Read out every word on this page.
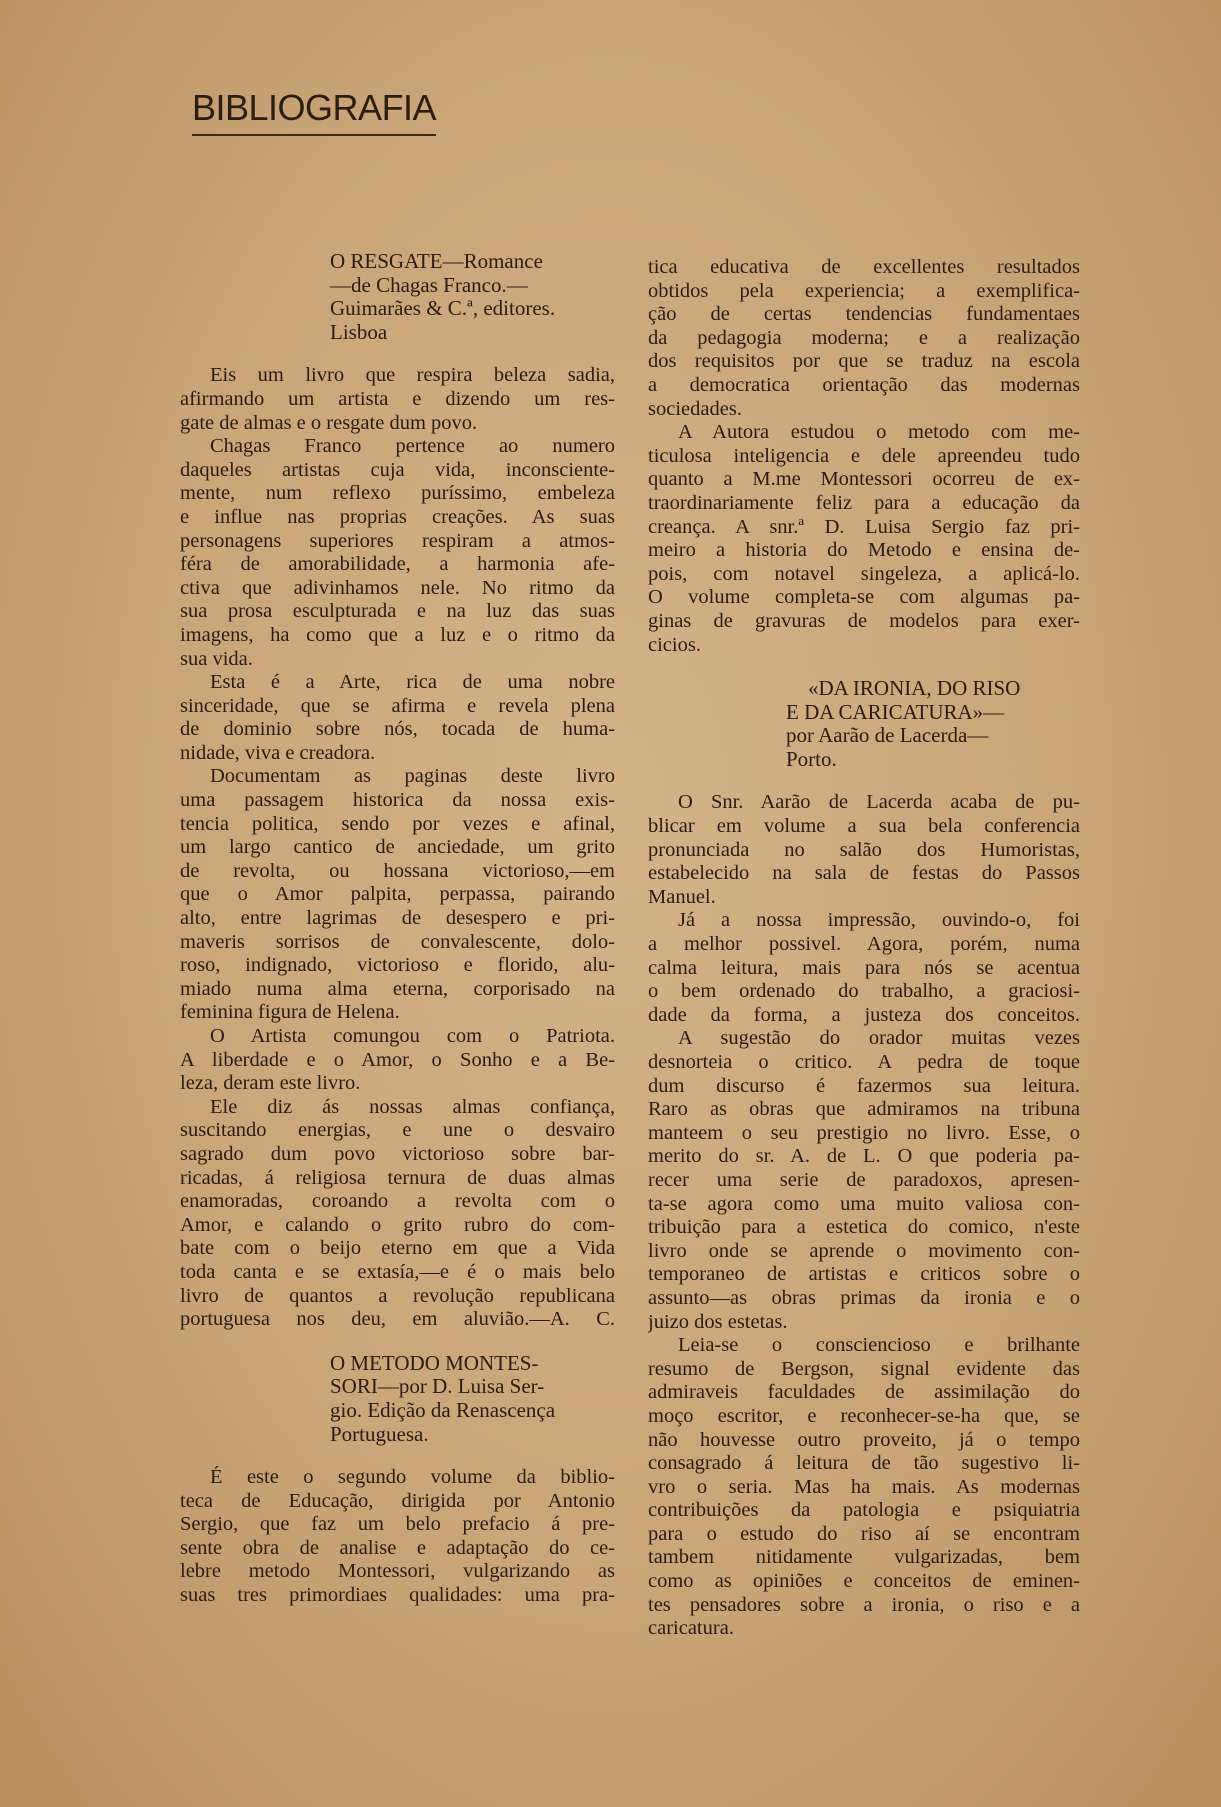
BIBLIOGRAFIA
O RESGATE—Romance
—de Chagas Franco.—
Guimarães & C.ª, editores.
Lisboa
Eis um livro que respira beleza sadia,
afirmando um artista e dizendo um res-
gate de almas e o resgate dum povo.
Chagas Franco pertence ao numero
daqueles artistas cuja vida, inconsciente-
mente, num reflexo puríssimo, embeleza
e influe nas proprias creações. As suas
personagens superiores respiram a atmos-
féra de amorabilidade, a harmonia afe-
ctiva que adivinhamos nele. No ritmo da
sua prosa esculpturada e na luz das suas
imagens, ha como que a luz e o ritmo da
sua vida.
Esta é a Arte, rica de uma nobre
sinceridade, que se afirma e revela plena
de dominio sobre nós, tocada de huma-
nidade, viva e creadora.
Documentam as paginas deste livro
uma passagem historica da nossa exis-
tencia politica, sendo por vezes e afinal,
um largo cantico de anciedade, um grito
de revolta, ou hossana victorioso,—em
que o Amor palpita, perpassa, pairando
alto, entre lagrimas de desespero e pri-
maveris sorrisos de convalescente, dolo-
roso, indignado, victorioso e florido, alu-
miado numa alma eterna, corporisado na
feminina figura de Helena.
O Artista comungou com o Patriota.
A liberdade e o Amor, o Sonho e a Be-
leza, deram este livro.
Ele diz ás nossas almas confiança,
suscitando energias, e une o desvairo
sagrado dum povo victorioso sobre bar-
ricadas, á religiosa ternura de duas almas
enamoradas, coroando a revolta com o
Amor, e calando o grito rubro do com-
bate com o beijo eterno em que a Vida
toda canta e se extasía,—e é o mais belo
livro de quantos a revolução republicana
portuguesa nos deu, em aluvião.—A. C.
O METODO MONTES-
SORI—por D. Luisa Ser-
gio. Edição da Renascença
Portuguesa.
É este o segundo volume da biblio-
teca de Educação, dirigida por Antonio
Sergio, que faz um belo prefacio á pre-
sente obra de analise e adaptação do ce-
lebre metodo Montessori, vulgarizando as
suas tres primordiaes qualidades: uma pra-
tica educativa de excellentes resultados
obtidos pela experiencia; a exemplifica-
ção de certas tendencias fundamentaes
da pedagogia moderna; e a realização
dos requisitos por que se traduz na escola
a democratica orientação das modernas
sociedades.
A Autora estudou o metodo com me-
ticulosa inteligencia e dele apreendeu tudo
quanto a M.me Montessori ocorreu de ex-
traordinariamente feliz para a educação da
creança. A snr.ª D. Luisa Sergio faz pri-
meiro a historia do Metodo e ensina de-
pois, com notavel singeleza, a aplicá-lo.
O volume completa-se com algumas pa-
ginas de gravuras de modelos para exer-
cicios.
«DA IRONIA, DO RISO
E DA CARICATURA»—
por Aarão de Lacerda—
Porto.
O Snr. Aarão de Lacerda acaba de pu-
blicar em volume a sua bela conferencia
pronunciada no salão dos Humoristas,
estabelecido na sala de festas do Passos
Manuel.
Já a nossa impressão, ouvindo-o, foi
a melhor possivel. Agora, porém, numa
calma leitura, mais para nós se acentua
o bem ordenado do trabalho, a graciosi-
dade da forma, a justeza dos conceitos.
A sugestão do orador muitas vezes
desnorteia o critico. A pedra de toque
dum discurso é fazermos sua leitura.
Raro as obras que admiramos na tribuna
manteem o seu prestigio no livro. Esse, o
merito do sr. A. de L. O que poderia pa-
recer uma serie de paradoxos, apresen-
ta-se agora como uma muito valiosa con-
tribuição para a estetica do comico, n'este
livro onde se aprende o movimento con-
temporaneo de artistas e criticos sobre o
assunto—as obras primas da ironia e o
juizo dos estetas.
Leia-se o consciencioso e brilhante
resumo de Bergson, signal evidente das
admiraveis faculdades de assimilação do
moço escritor, e reconhecer-se-ha que, se
não houvesse outro proveito, já o tempo
consagrado á leitura de tão sugestivo li-
vro o seria. Mas ha mais. As modernas
contribuições da patologia e psiquiatria
para o estudo do riso aí se encontram
tambem nitidamente vulgarizadas, bem
como as opiniões e conceitos de eminen-
tes pensadores sobre a ironia, o riso e a
caricatura.
